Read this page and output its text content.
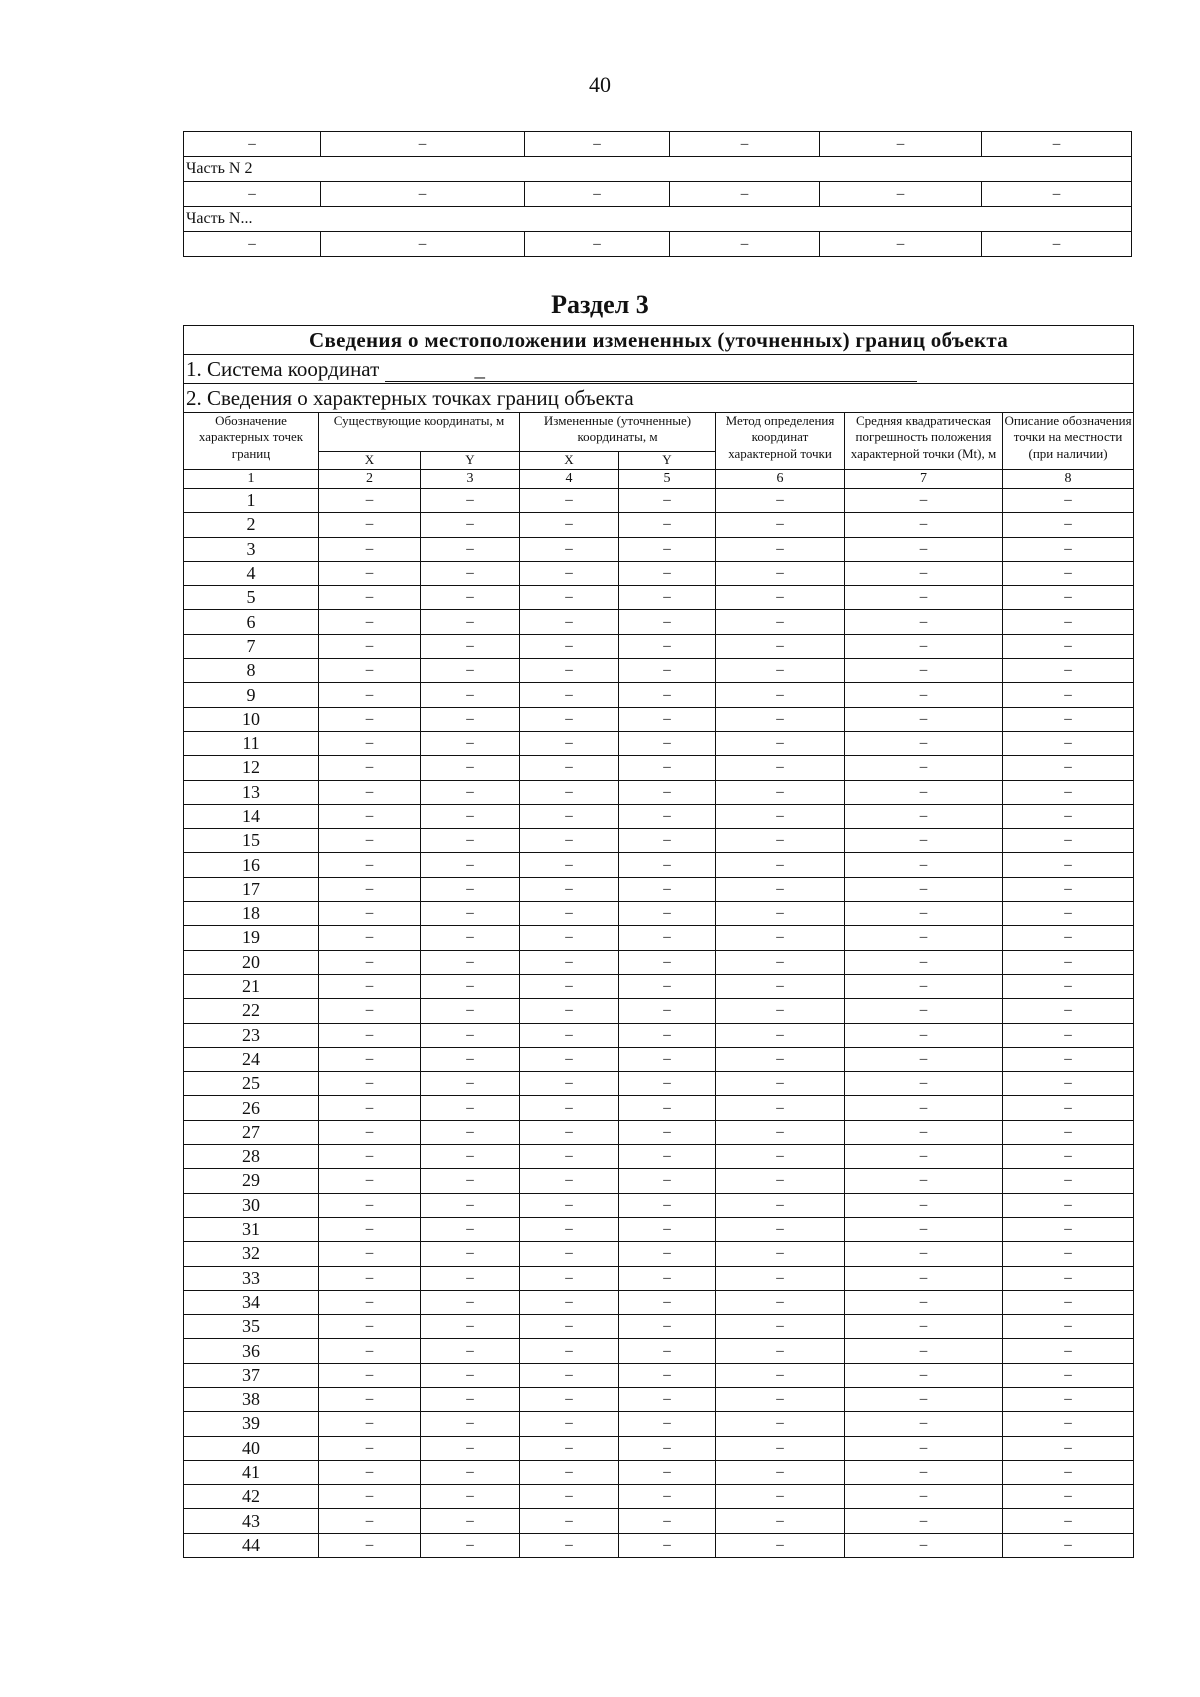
40
–	–	–	–	–	–
Часть N 2					
–	–	–	–	–	–
Часть N...					
–	–	–	–	–	–
Раздел 3
Сведения о местоположении измененных (уточненных) границ объекта							
1. Система координат –							
2. Сведения о характерных точках границ объекта							
Обозначение характерных точек границ	Существующие координаты, м		Измененные (уточненные) координаты, м		Метод определения координат характерной точки	Средняя квадратическая погрешность положения характерной точки (Mt), м	Описание обозначения точки на местности (при наличии)
	X	Y	X	Y			
1	2	3	4	5	6	7	8
1	–	–	–	–	–	–	–
2	–	–	–	–	–	–	–
3	–	–	–	–	–	–	–
4	–	–	–	–	–	–	–
5	–	–	–	–	–	–	–
6	–	–	–	–	–	–	–
7	–	–	–	–	–	–	–
8	–	–	–	–	–	–	–
9	–	–	–	–	–	–	–
10	–	–	–	–	–	–	–
11	–	–	–	–	–	–	–
12	–	–	–	–	–	–	–
13	–	–	–	–	–	–	–
14	–	–	–	–	–	–	–
15	–	–	–	–	–	–	–
16	–	–	–	–	–	–	–
17	–	–	–	–	–	–	–
18	–	–	–	–	–	–	–
19	–	–	–	–	–	–	–
20	–	–	–	–	–	–	–
21	–	–	–	–	–	–	–
22	–	–	–	–	–	–	–
23	–	–	–	–	–	–	–
24	–	–	–	–	–	–	–
25	–	–	–	–	–	–	–
26	–	–	–	–	–	–	–
27	–	–	–	–	–	–	–
28	–	–	–	–	–	–	–
29	–	–	–	–	–	–	–
30	–	–	–	–	–	–	–
31	–	–	–	–	–	–	–
32	–	–	–	–	–	–	–
33	–	–	–	–	–	–	–
34	–	–	–	–	–	–	–
35	–	–	–	–	–	–	–
36	–	–	–	–	–	–	–
37	–	–	–	–	–	–	–
38	–	–	–	–	–	–	–
39	–	–	–	–	–	–	–
40	–	–	–	–	–	–	–
41	–	–	–	–	–	–	–
42	–	–	–	–	–	–	–
43	–	–	–	–	–	–	–
44	–	–	–	–	–	–	–
